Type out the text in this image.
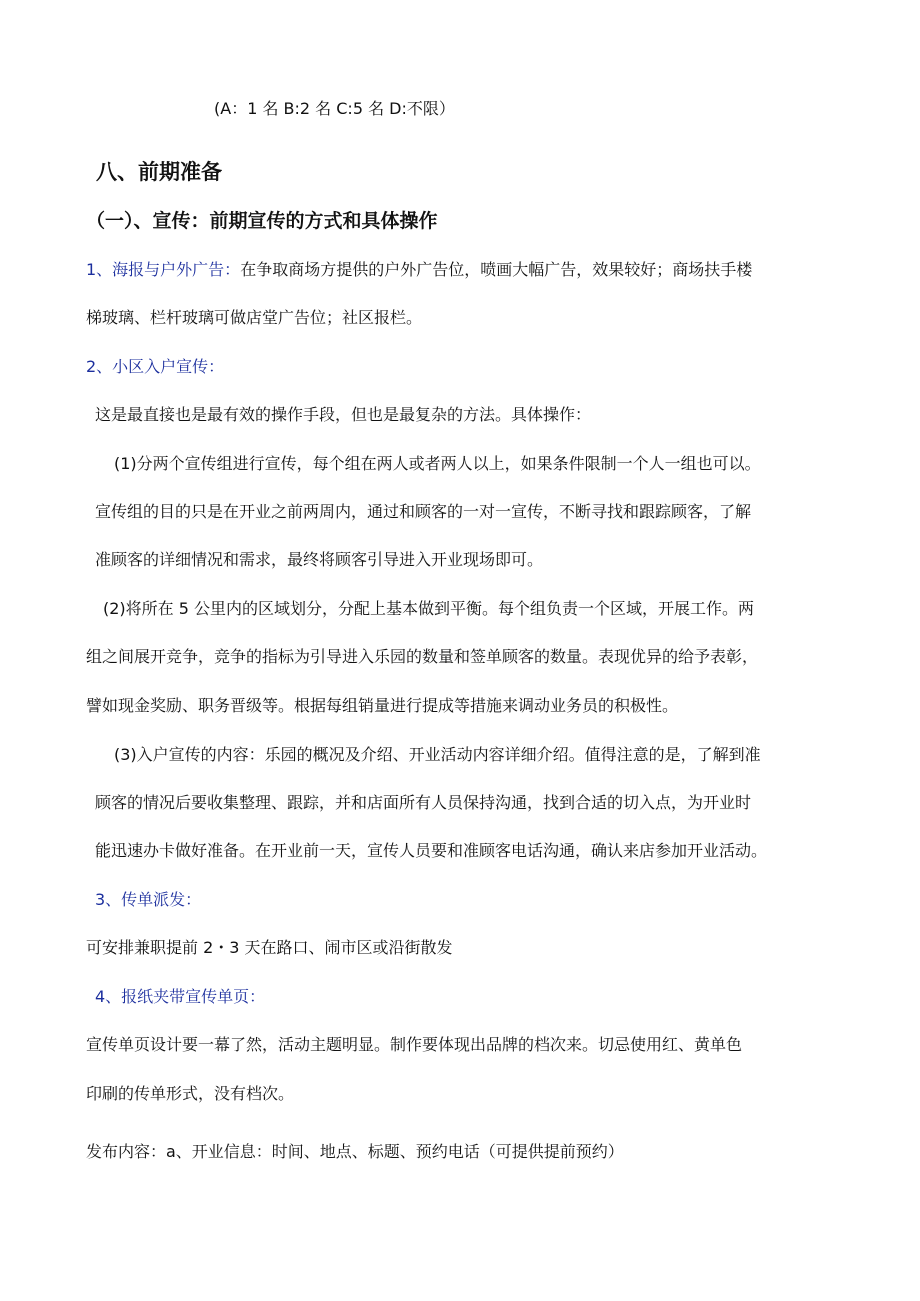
(A：1 名 B:2 名 C:5 名 D:不限）
八、前期准备
（一）、宣传：前期宣传的方式和具体操作
1、海报与户外广告：在争取商场方提供的户外广告位，喷画大幅广告，效果较好；商场扶手楼
梯玻璃、栏杆玻璃可做店堂广告位；社区报栏。
2、小区入户宣传：
这是最直接也是最有效的操作手段，但也是最复杂的方法。具体操作：
(1)分两个宣传组进行宣传，每个组在两人或者两人以上，如果条件限制一个人一组也可以。
宣传组的目的只是在开业之前两周内，通过和顾客的一对一宣传，不断寻找和跟踪顾客，了解
准顾客的详细情况和需求，最终将顾客引导进入开业现场即可。
(2)将所在 5 公里内的区域划分，分配上基本做到平衡。每个组负责一个区域，开展工作。两
组之间展开竞争，竞争的指标为引导进入乐园的数量和签单顾客的数量。表现优异的给予表彰，
譬如现金奖励、职务晋级等。根据每组销量进行提成等措施来调动业务员的积极性。
(3)入户宣传的内容：乐园的概况及介绍、开业活动内容详细介绍。值得注意的是，了解到准
顾客的情况后要收集整理、跟踪，并和店面所有人员保持沟通，找到合适的切入点，为开业时
能迅速办卡做好准备。在开业前一天，宣传人员要和准顾客电话沟通，确认来店参加开业活动。
3、传单派发：
可安排兼职提前 2・3 天在路口、闹市区或沿街散发
4、报纸夹带宣传单页：
宣传单页设计要一幕了然，活动主题明显。制作要体现出品牌的档次来。切忌使用红、黄单色
印刷的传单形式，没有档次。
发布内容：a、开业信息：时间、地点、标题、预约电话（可提供提前预约）
